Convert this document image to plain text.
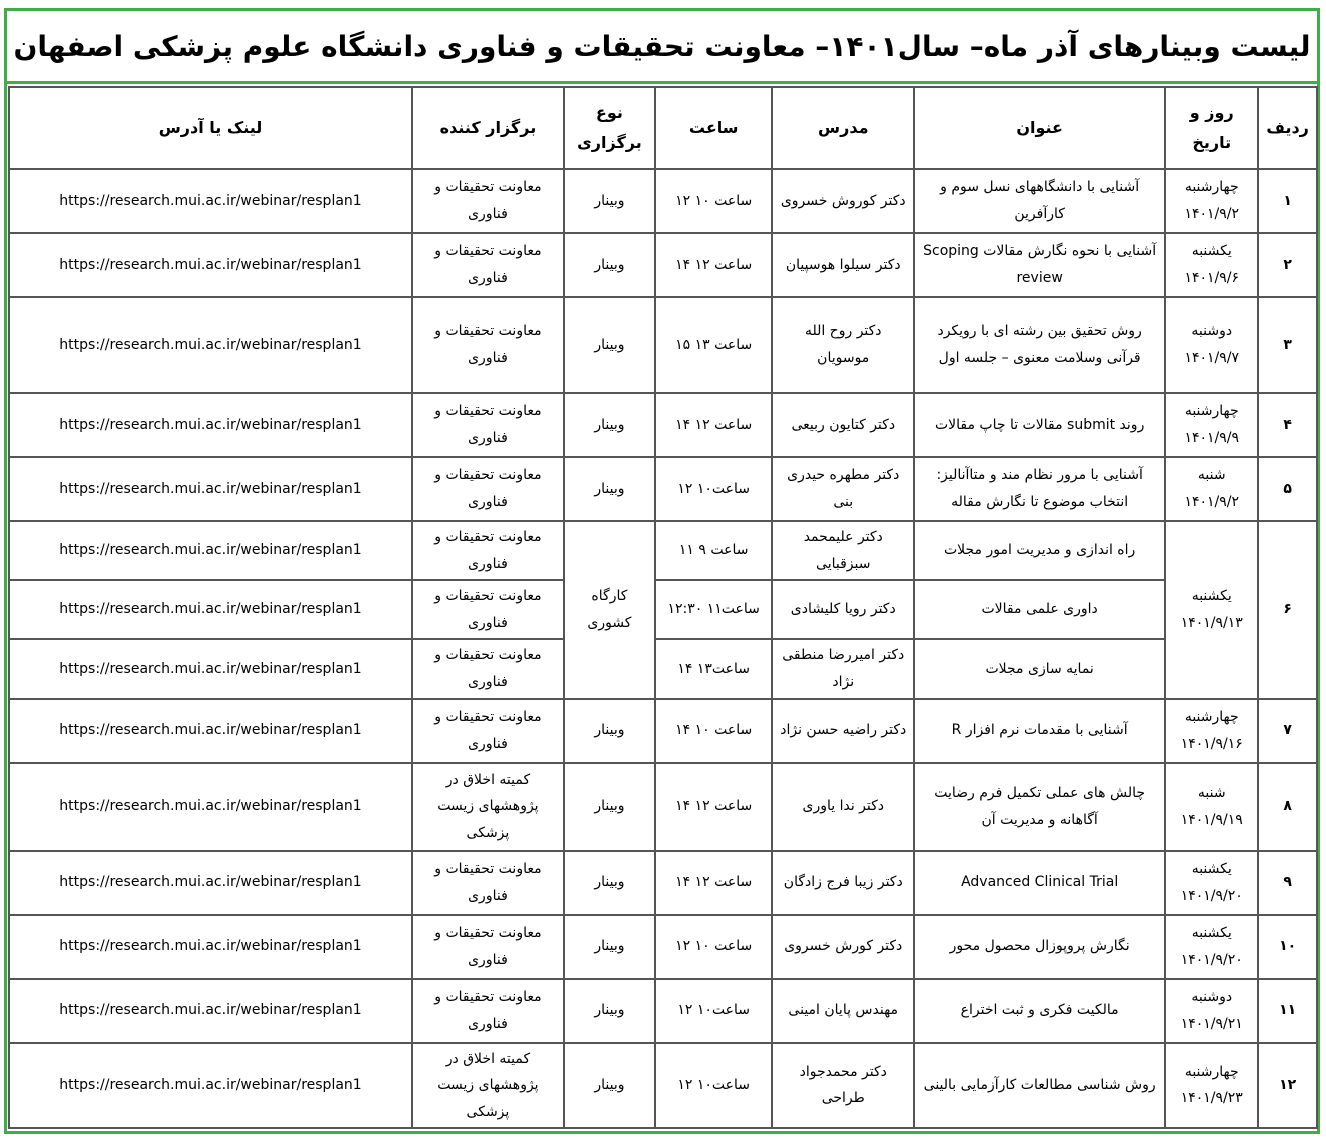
لیست وبینارهای آذر ماه– سال۱۴۰۱– معاونت تحقیقات و فناوری دانشگاه علوم پزشکی اصفهان
ردیف	روز و تاریخ	عنوان	مدرس	ساعت	نوع برگزاری	برگزار کننده	لینک یا آدرس
۱	چهارشنبه ۱۴۰۱/۹/۲	آشنایی با دانشگاههای نسل سوم و کارآفرین	دکتر کوروش خسروی	ساعت ۱۰ ۱۲	وبینار	معاونت تحقیقات و فناوری	https://research.mui.ac.ir/webinar/resplan1
۲	یکشنبه ۱۴۰۱/۹/۶	آشنایی با نحوه نگارش مقالات Scoping review	دکتر سیلوا هوسپیان	ساعت ۱۲ ۱۴	وبینار	معاونت تحقیقات و فناوری	https://research.mui.ac.ir/webinar/resplan1
۳	دوشنبه ۱۴۰۱/۹/۷	روش تحقیق بین رشته ای با رویکرد قرآنی وسلامت معنوی – جلسه اول	دکتر روح الله موسویان	ساعت ۱۳ ۱۵	وبینار	معاونت تحقیقات و فناوری	https://research.mui.ac.ir/webinar/resplan1
۴	چهارشنبه ۱۴۰۱/۹/۹	روند submit مقالات تا چاپ مقالات	دکتر کتایون ربیعی	ساعت ۱۲ ۱۴	وبینار	معاونت تحقیقات و فناوری	https://research.mui.ac.ir/webinar/resplan1
۵	شنبه ۱۴۰۱/۹/۲	آشنایی با مرور نظام مند و متاآنالیز: انتخاب موضوع تا نگارش مقاله	دکتر مطهره حیدری بنی	ساعت۱۰ ۱۲	وبینار	معاونت تحقیقات و فناوری	https://research.mui.ac.ir/webinar/resplan1
۶	یکشنبه ۱۴۰۱/۹/۱۳	راه اندازی و مدیریت امور مجلات	دکتر علیمحمد سبزقبایی	ساعت ۹ ۱۱	کارگاه کشوری	معاونت تحقیقات و فناوری	https://research.mui.ac.ir/webinar/resplan1
		داوری علمی مقالات	دکتر رویا کلیشادی	ساعت۱۱ ۱۲:۳۰		معاونت تحقیقات و فناوری	https://research.mui.ac.ir/webinar/resplan1
		نمایه سازی مجلات	دکتر امیررضا منطقی نژاد	ساعت۱۳ ۱۴		معاونت تحقیقات و فناوری	https://research.mui.ac.ir/webinar/resplan1
۷	چهارشنبه ۱۴۰۱/۹/۱۶	آشنایی با مقدمات نرم افزار R	دکتر راضیه حسن نژاد	ساعت ۱۰ ۱۴	وبینار	معاونت تحقیقات و فناوری	https://research.mui.ac.ir/webinar/resplan1
۸	شنبه ۱۴۰۱/۹/۱۹	چالش های عملی تکمیل فرم رضایت آگاهانه و مدیریت آن	دکتر ندا یاوری	ساعت ۱۲ ۱۴	وبینار	کمیته اخلاق در پژوهشهای زیست پزشکی	https://research.mui.ac.ir/webinar/resplan1
۹	یکشنبه ۱۴۰۱/۹/۲۰	Advanced Clinical Trial	دکتر زیبا فرج زادگان	ساعت ۱۲ ۱۴	وبینار	معاونت تحقیقات و فناوری	https://research.mui.ac.ir/webinar/resplan1
۱۰	یکشنبه ۱۴۰۱/۹/۲۰	نگارش پروپوزال محصول محور	دکتر کورش خسروی	ساعت ۱۰ ۱۲	وبینار	معاونت تحقیقات و فناوری	https://research.mui.ac.ir/webinar/resplan1
۱۱	دوشنبه ۱۴۰۱/۹/۲۱	مالکیت فکری و ثبت اختراع	مهندس پایان امینی	ساعت۱۰ ۱۲	وبینار	معاونت تحقیقات و فناوری	https://research.mui.ac.ir/webinar/resplan1
۱۲	چهارشنبه ۱۴۰۱/۹/۲۳	روش شناسی مطالعات کارآزمایی بالینی	دکتر محمدجواد طراحی	ساعت۱۰ ۱۲	وبینار	کمیته اخلاق در پژوهشهای زیست پزشکی	https://research.mui.ac.ir/webinar/resplan1
